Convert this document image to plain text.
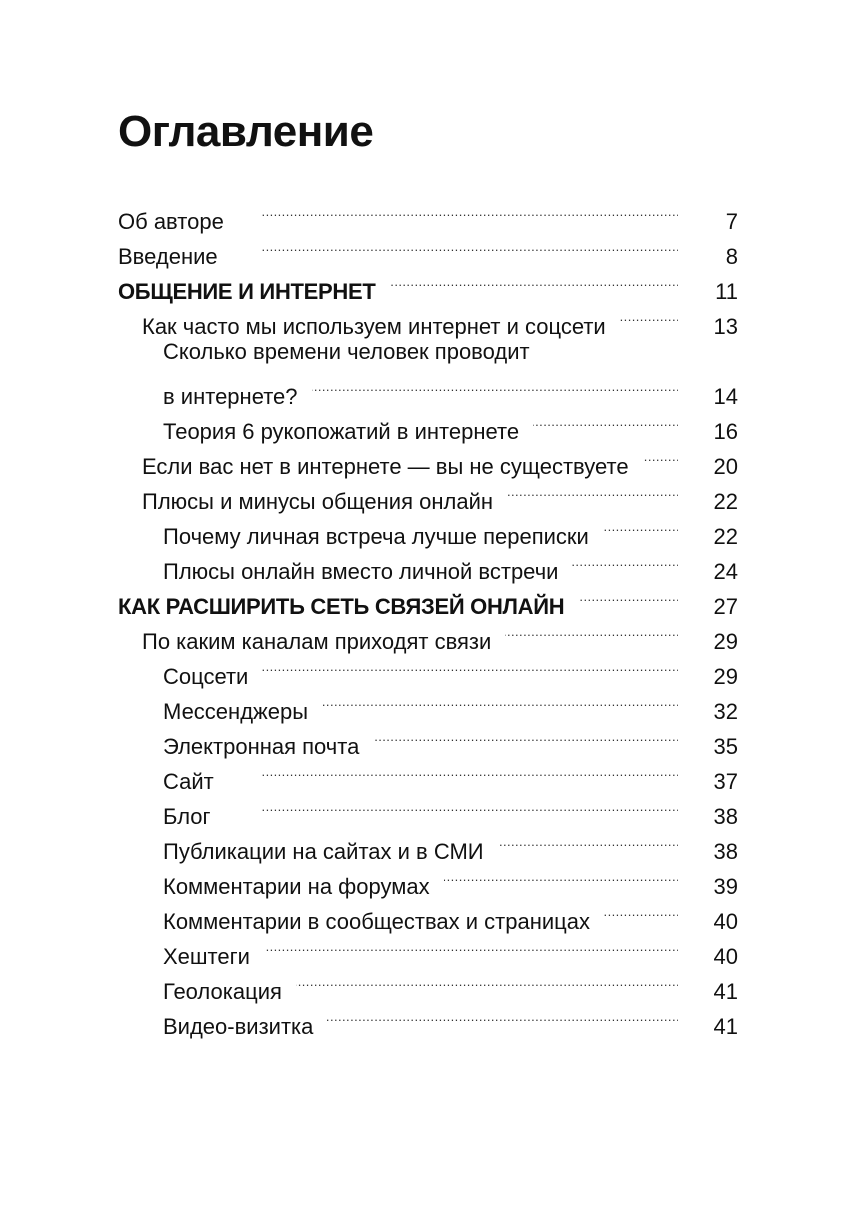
Оглавление
Об авторе . . .	7
Введение . . .	8
ОБЩЕНИЕ И ИНТЕРНЕТ . . .	11
Как часто мы используем интернет и соцсети . . .	13
Сколько времени человек проводит
в интернете? . . .	14
Теория 6 рукопожатий в интернете . . .	16
Если вас нет в интернете — вы не существуете . . .	20
Плюсы и минусы общения онлайн . . .	22
Почему личная встреча лучше переписки . . .	22
Плюсы онлайн вместо личной встречи . . .	24
КАК РАСШИРИТЬ СЕТЬ СВЯЗЕЙ ОНЛАЙН . . .	27
По каким каналам приходят связи . . .	29
Соцсети . . .	29
Мессенджеры . . .	32
Электронная почта . . .	35
Сайт . . .	37
Блог . . .	38
Публикации на сайтах и в СМИ . . .	38
Комментарии на форумах . . .	39
Комментарии в сообществах и страницах . . .	40
Хештеги . . .	40
Геолокация . . .	41
Видео-визитка . . .	41
